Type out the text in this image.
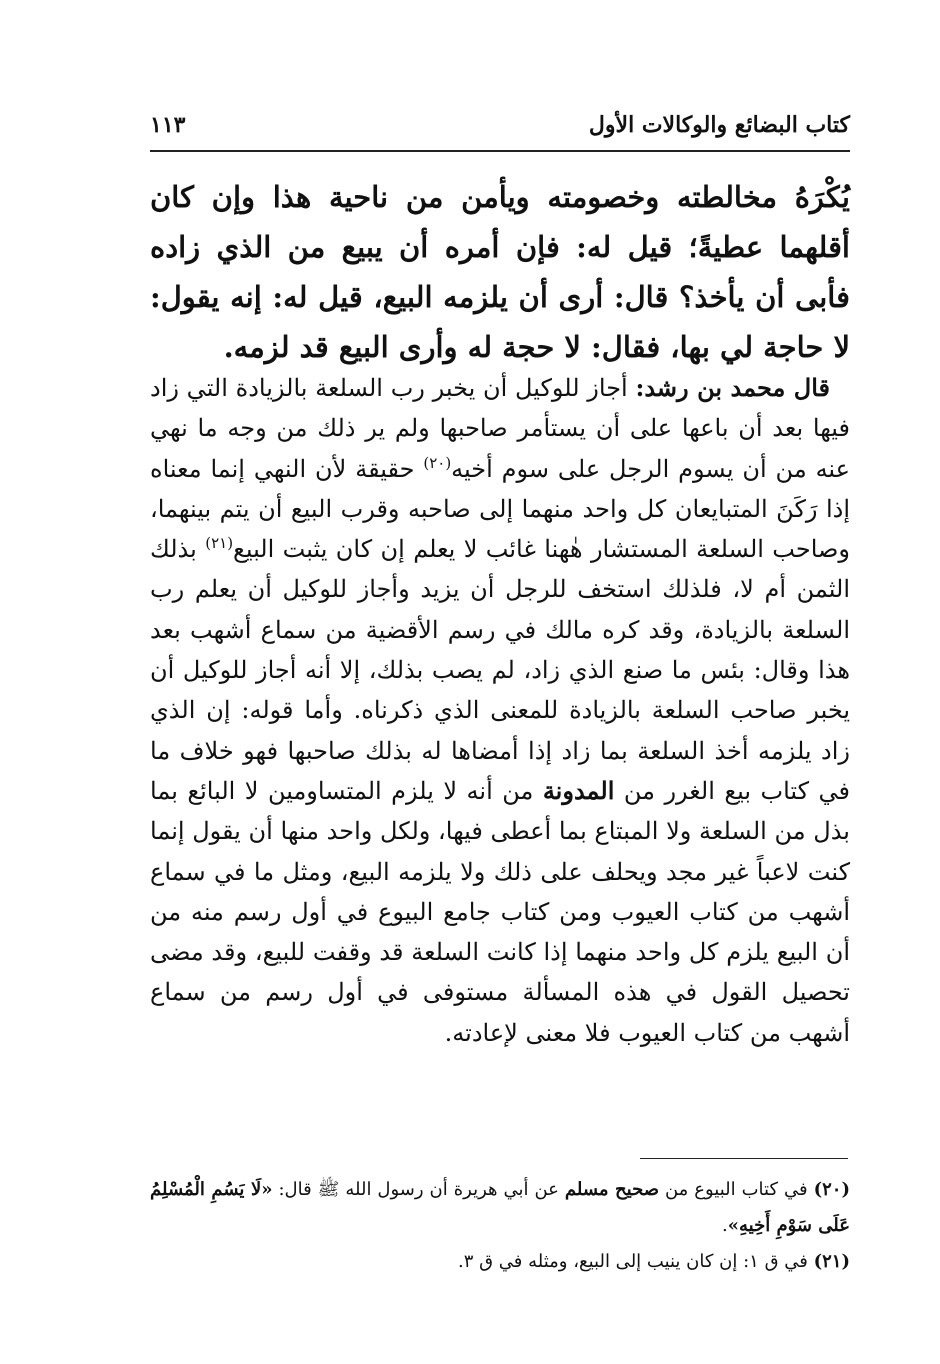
كتاب البضائع والوكالات الأول
١١٣

يُكْرَهُ مخالطته وخصومته ويأمن من ناحية هذا وإن كان أقلهما عطيةً؛ قيل له: فإن أمره أن يبيع من الذي زاده فأبى أن يأخذ؟ قال: أرى أن يلزمه البيع، قيل له: إنه يقول: لا حاجة لي بها، فقال: لا حجة له وأرى البيع قد لزمه.

قال محمد بن رشد: أجاز للوكيل أن يخبر رب السلعة بالزيادة التي زاد فيها بعد أن باعها على أن يستأمر صاحبها ولم ير ذلك من وجه ما نهي عنه من أن يسوم الرجل على سوم أخيه$^{(٢٠)}$ حقيقة لأن النهي إنما معناه إذا رَكَنَ المتبايعان كل واحد منهما إلى صاحبه وقرب البيع أن يتم بينهما، وصاحب السلعة المستشار هٰهنا غائب لا يعلم إن كان يثبت البيع$^{(٢١)}$ بذلك الثمن أم لا، فلذلك استخف للرجل أن يزيد وأجاز للوكيل أن يعلم رب السلعة بالزيادة، وقد كره مالك في رسم الأقضية من سماع أشهب بعد هذا وقال: بئس ما صنع الذي زاد، لم يصب بذلك، إلا أنه أجاز للوكيل أن يخبر صاحب السلعة بالزيادة للمعنى الذي ذكرناه. وأما قوله: إن الذي زاد يلزمه أخذ السلعة بما زاد إذا أمضاها له بذلك صاحبها فهو خلاف ما في كتاب بيع الغرر من المدونة من أنه لا يلزم المتساومين لا البائع بما بذل من السلعة ولا المبتاع بما أعطى فيها، ولكل واحد منها أن يقول إنما كنت لاعباً غير مجد ويحلف على ذلك ولا يلزمه البيع، ومثل ما في سماع أشهب من كتاب العيوب ومن كتاب جامع البيوع في أول رسم منه من أن البيع يلزم كل واحد منهما إذا كانت السلعة قد وقفت للبيع، وقد مضى تحصيل القول في هذه المسألة مستوفى في أول رسم من سماع أشهب من كتاب العيوب فلا معنى لإعادته.

(٢٠) في كتاب البيوع من صحيح مسلم عن أبي هريرة أن رسول الله ﷺ قال: «لَا يَسُمِ الْمُسْلِمُ عَلَى سَوْمِ أَخِيهِ».

(٢١) في ق ١: إن كان ينيب إلى البيع، ومثله في ق ٣.
